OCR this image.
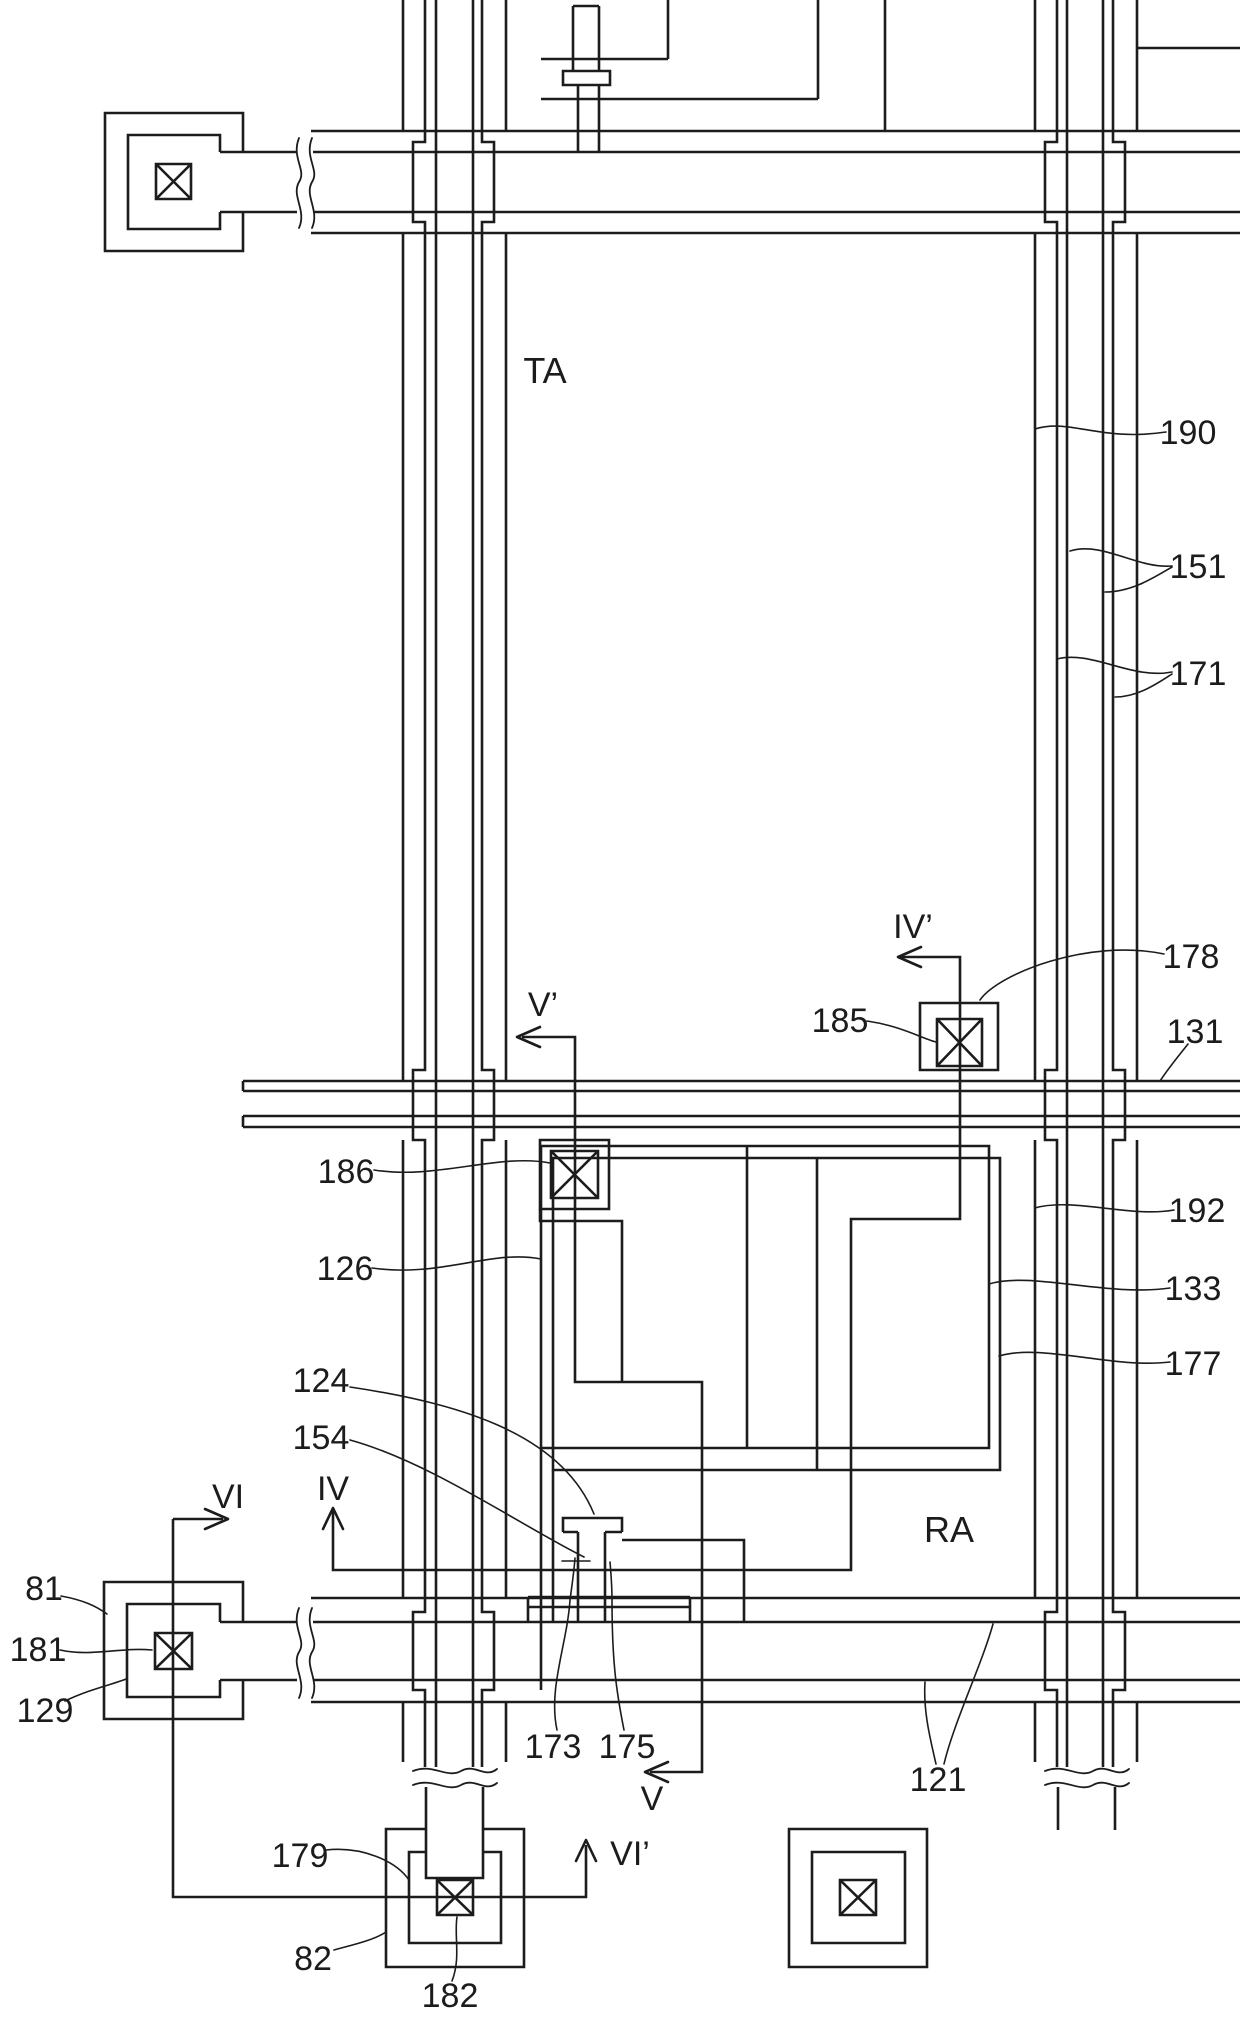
TA
RA
190
151
171
178
131
192
133
177
185
186
126
124
154
121
81
181
129
173 175
179
82
182
IV
IV’
V
V’
VI
VI’
